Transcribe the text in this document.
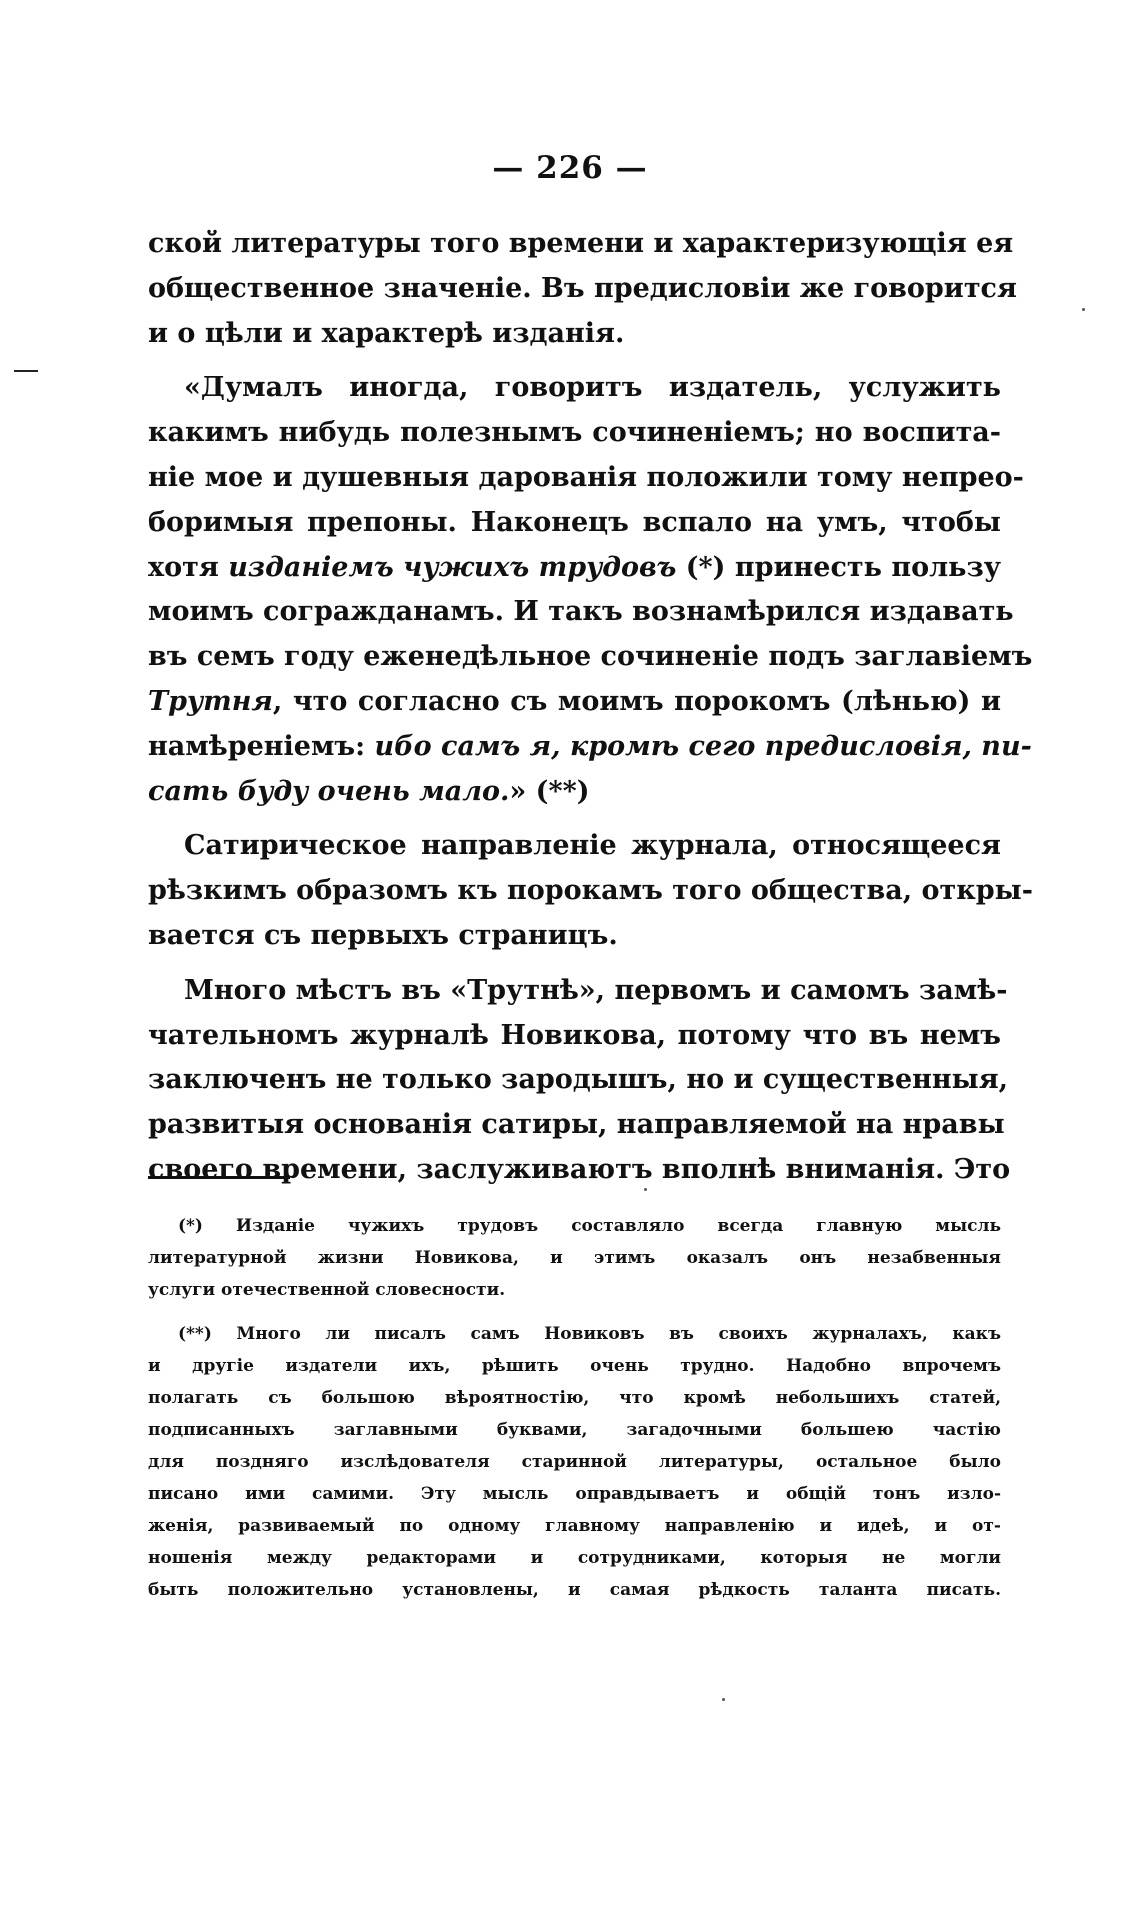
— 226 —
ской литературы того времени и характеризующія ея
общественное значеніе. Въ предисловіи же говорится
и о цѣли и характерѣ изданія.
«Думалъ иногда, говоритъ издатель, услужить
какимъ нибудь полезнымъ сочиненіемъ; но воспита-
ніе мое и душевныя дарованія положили тому непрео-
боримыя препоны. Наконецъ вспало на умъ, чтобы
хотя изданіемъ чужихъ трудовъ (*) принесть пользу
моимъ согражданамъ. И такъ вознамѣрился издавать
въ семъ году еженедѣльное сочиненіе подъ заглавіемъ
Трутня, что согласно съ моимъ порокомъ (лѣнью) и
намѣреніемъ: ибо самъ я, кромѣ сего предисловія, пи-
сать буду очень мало.» (**)
Сатирическое направленіе журнала, относящееся
рѣзкимъ образомъ къ порокамъ того общества, откры-
вается съ первыхъ страницъ.
Много мѣстъ въ «Трутнѣ», первомъ и самомъ замѣ-
чательномъ журналѣ Новикова, потому что въ немъ
заключенъ не только зародышъ, но и существенныя,
развитыя основанія сатиры, направляемой на нравы
своего времени, заслуживаютъ вполнѣ вниманія. Это
(*) Изданіе чужихъ трудовъ составляло всегда главную мысль
литературной жизни Новикова, и этимъ оказалъ онъ незабвенныя
услуги отечественной словесности.
(**) Много ли писалъ самъ Новиковъ въ своихъ журналахъ, какъ
и другіе издатели ихъ, рѣшить очень трудно. Надобно впрочемъ
полагать съ большою вѣроятностію, что кромѣ небольшихъ статей,
подписанныхъ заглавными буквами, загадочными большею частію
для поздняго изслѣдователя старинной литературы, остальное было
писано ими самими. Эту мысль оправдываетъ и общій тонъ изло-
женія, развиваемый по одному главному направленію и идеѣ, и от-
ношенія между редакторами и сотрудниками, которыя не могли
быть положительно установлены, и самая рѣдкость таланта писать.
